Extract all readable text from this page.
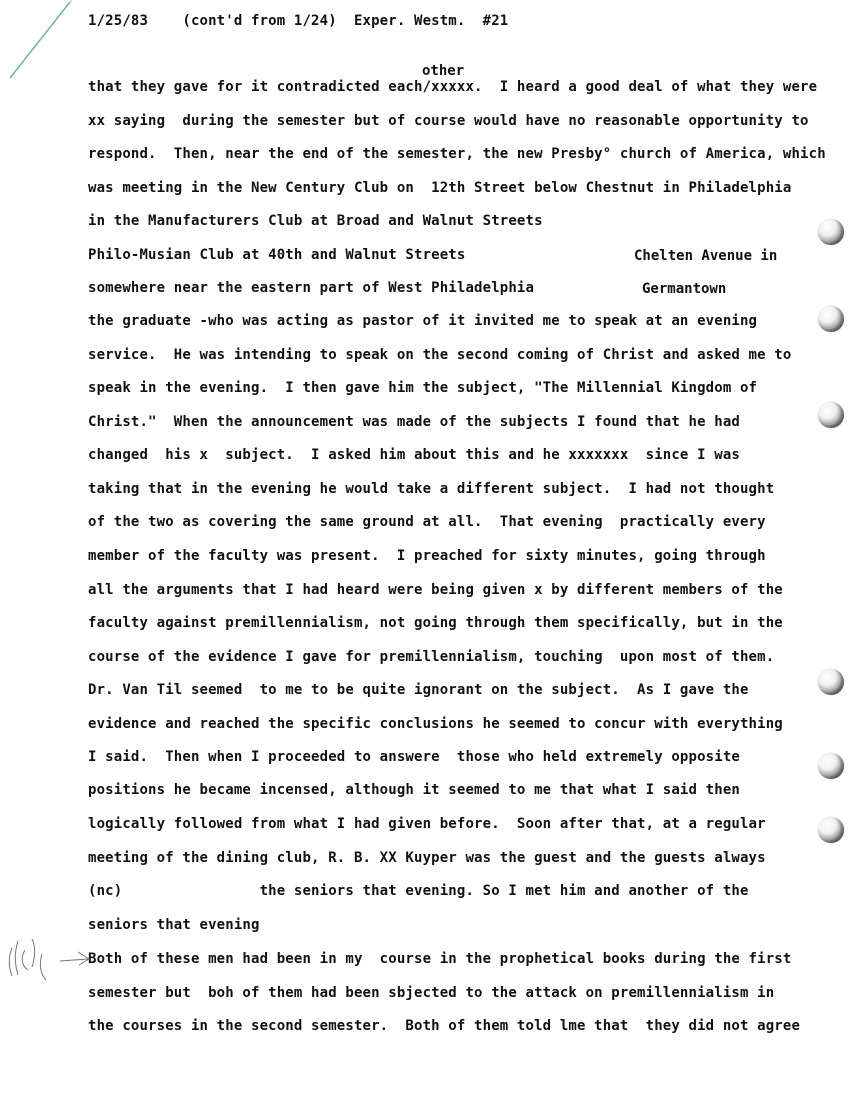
1/25/83    (cont'd from 1/24)  Exper. Westm.  #21
other
that they gave for it contradicted each/xxxxx.  I heard a good deal of what they were
xx saying  during the semester but of course would have no reasonable opportunity to
respond.  Then, near the end of the semester, the new Presby° church of America, which
was meeting in the New Century Club on  12th Street below Chestnut in Philadelphia
in the Manufacturers Club at Broad and Walnut Streets
Philo-Musian Club at 40th and Walnut Streets	Chelten Avenue in
somewhere near the eastern part of West Philadelphia	Germantown
the graduate -who was acting as pastor of it invited me to speak at an evening
service.  He was intending to speak on the second coming of Christ and asked me to
speak in the evening.  I then gave him the subject, "The Millennial Kingdom of
Christ."  When the announcement was made of the subjects I found that he had
changed  his x  subject.  I asked him about this and he xxxxxxx  since I was
taking that in the evening he would take a different subject.  I had not thought
of the two as covering the same ground at all.  That evening  practically every
member of the faculty was present.  I preached for sixty minutes, going through
all the arguments that I had heard were being given x by different members of the
faculty against premillennialism, not going through them specifically, but in the
course of the evidence I gave for premillennialism, touching  upon most of them.
Dr. Van Til seemed  to me to be quite ignorant on the subject.  As I gave the
evidence and reached the specific conclusions he seemed to concur with everything
I said.  Then when I proceeded to answere  those who held extremely opposite
positions he became incensed, although it seemed to me that what I said then
logically followed from what I had given before.  Soon after that, at a regular
meeting of the dining club, R. B. XX Kuyper was the guest and the guests always
(nc)                the seniors that evening. So I met him and another of the
seniors that evening
Both of these men had been in my  course in the prophetical books during the first
semester but  boh of them had been sbjected to the attack on premillennialism in
the courses in the second semester.  Both of them told lme that  they did not agree
